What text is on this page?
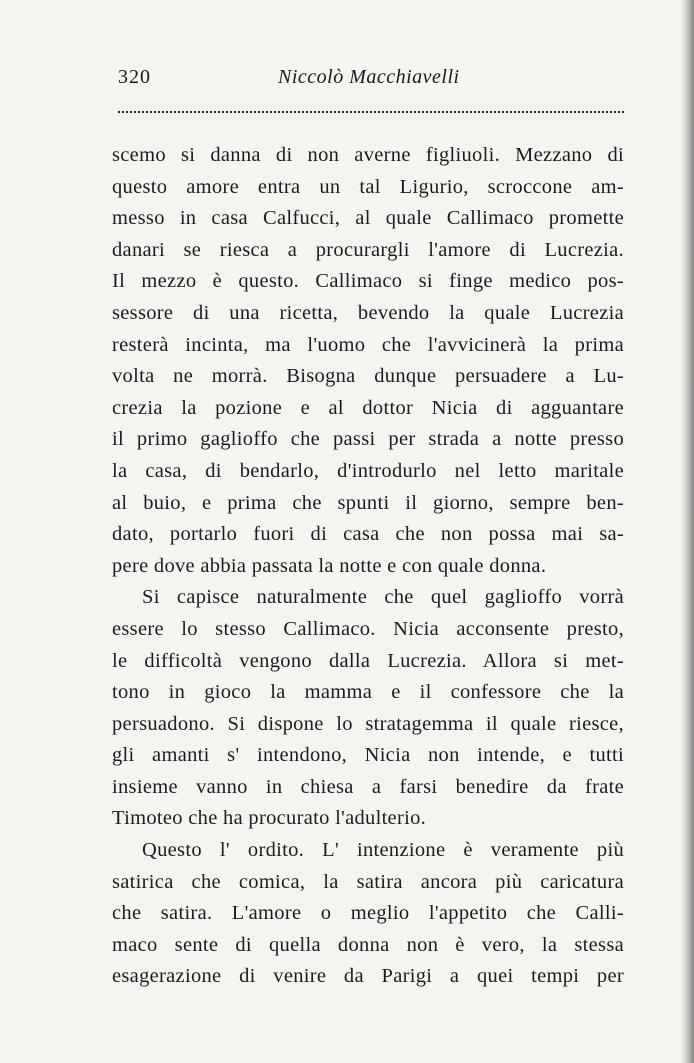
320	Niccolò Macchiavelli
scemo si danna di non averne figliuoli. Mezzano di
questo amore entra un tal Ligurio, scroccone am-
messo in casa Calfucci, al quale Callimaco promette
danari se riesca a procurargli l'amore di Lucrezia.
Il mezzo è questo. Callimaco si finge medico pos-
sessore di una ricetta, bevendo la quale Lucrezia
resterà incinta, ma l'uomo che l'avvicinerà la prima
volta ne morrà. Bisogna dunque persuadere a Lu-
crezia la pozione e al dottor Nicia di agguantare
il primo gaglioffo che passi per strada a notte presso
la casa, di bendarlo, d'introdurlo nel letto maritale
al buio, e prima che spunti il giorno, sempre ben-
dato, portarlo fuori di casa che non possa mai sa-
pere dove abbia passata la notte e con quale donna.
Si capisce naturalmente che quel gaglioffo vorrà
essere lo stesso Callimaco. Nicia acconsente presto,
le difficoltà vengono dalla Lucrezia. Allora si met-
tono in gioco la mamma e il confessore che la
persuadono. Si dispone lo stratagemma il quale riesce,
gli amanti s' intendono, Nicia non intende, e tutti
insieme vanno in chiesa a farsi benedire da frate
Timoteo che ha procurato l'adulterio.
Questo l' ordito. L' intenzione è veramente più
satirica che comica, la satira ancora più caricatura
che satira. L'amore o meglio l'appetito che Calli-
maco sente di quella donna non è vero, la stessa
esagerazione di venire da Parigi a quei tempi per
